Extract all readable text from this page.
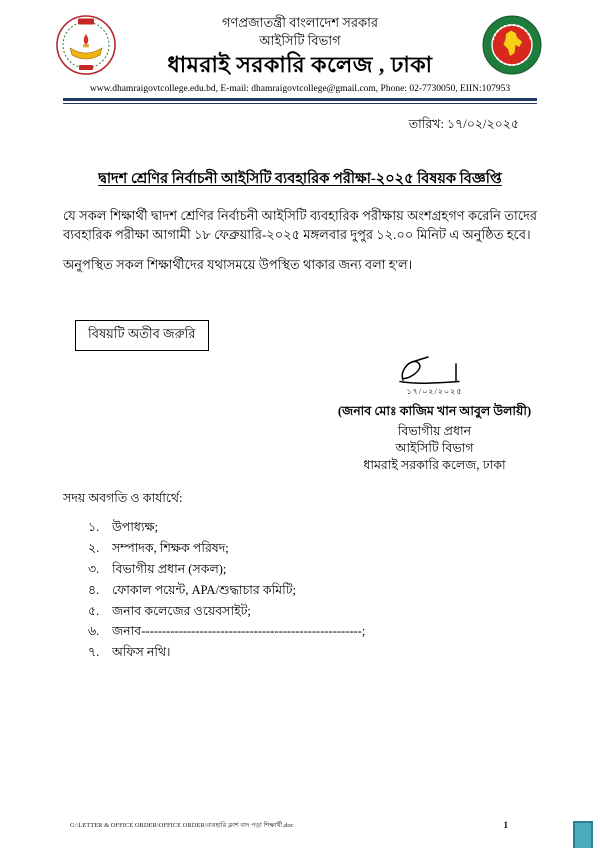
গণপ্রজাতন্ত্রী বাংলাদেশ সরকার
আইসিটি বিভাগ
ধামরাই সরকারি কলেজ , ঢাকা
www.dhamraigovtcollege.edu.bd, E-mail: dhamraigovtcollege@gmail.com, Phone: 02-7730050, EIIN:107953
তারিখ: ১৭/০২/২০২৫
দ্বাদশ শ্রেণির নির্বাচনী আইসিটি ব্যবহারিক পরীক্ষা-২০২৫ বিষয়ক বিজ্ঞপ্তি
যে সকল শিক্ষার্থী দ্বাদশ শ্রেণির নির্বাচনী আইসিটি ব্যবহারিক পরীক্ষায় অংশগ্রহগণ করেনি তাদের ব্যবহারিক পরীক্ষা আগামী ১৮ ফেব্রুয়ারি-২০২৫ মঙ্গলবার দুপুর ১২.০০ মিনিট এ অনুষ্ঠিত হবে।
অনুপস্থিত সকল শিক্ষার্থীদের যথাসময়ে উপস্থিত থাকার জন্য বলা হ'ল।
বিষয়টি অতীব জরুরি
১৭/০২/২০২৫
(জনাব মোঃ কাজিম খান আবুল উলায়ী)
বিভাগীয় প্রধান
আইসিটি বিভাগ
ধামরাই সরকারি কলেজ, ঢাকা
সদয় অবগতি ও কার্যার্থে:
১.	উপাধ্যক্ষ;
২.	সম্পাদক, শিক্ষক পরিষদ;
৩.	বিভাগীয় প্রধান (সকল);
৪.	ফোকাল পয়েন্ট, APA/শুদ্ধাচার কমিটি;
৫.	জনাব কলেজের ওয়েবসাইট;
৬.	জনাব-----------------------------------------------------;
৭.	অফিস নথি।
G:\LETTER & OFFICE ORDER\OFFICE ORDER\ব্যবহারি ক্লাশ বাদ পড়া শিক্ষার্থী.doc	1
